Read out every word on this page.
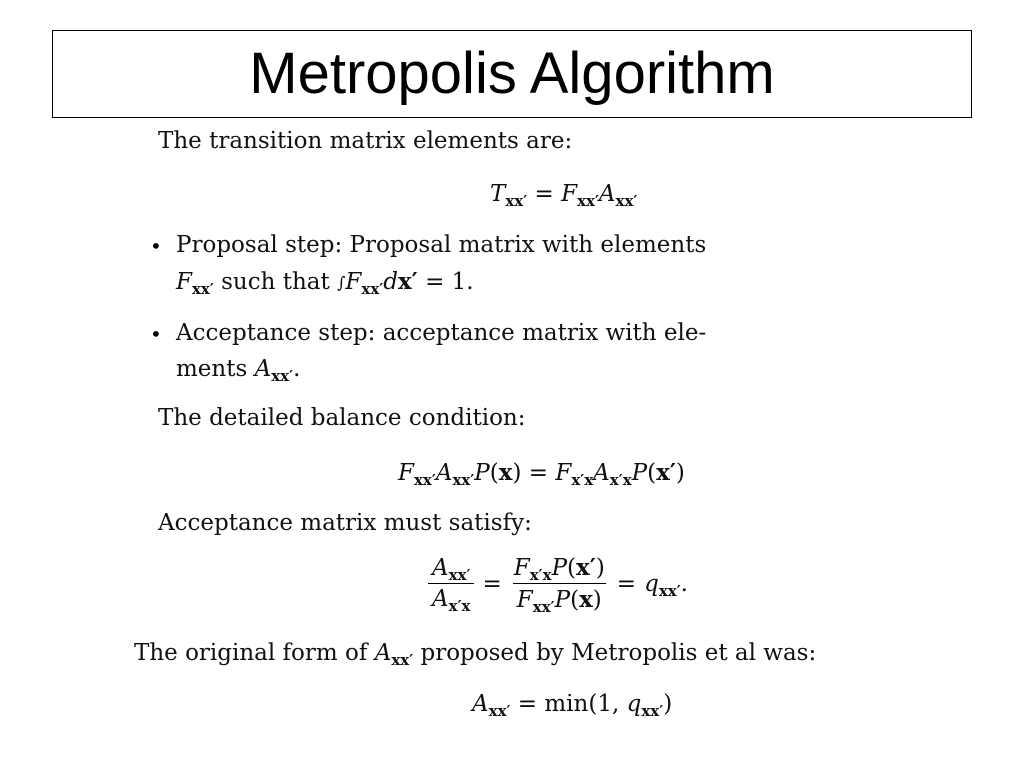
Metropolis Algorithm
The transition matrix elements are:
$T_{xx'} = F_{xx'}A_{xx'}$
• Proposal step: Proposal matrix with elements
$F_{xx'}$ such that $\int F_{xx'}dx' = 1$.
• Acceptance step: acceptance matrix with ele-
ments $A_{xx'}$.
The detailed balance condition:
$F_{xx'}A_{xx'}P(x) = F_{x'x}A_{x'x}P(x')$
Acceptance matrix must satisfy:
$\frac{A_{xx'}}{A_{x'x}} = \frac{F_{x'x}P(x')}{F_{xx'}P(x)} = q_{xx'}$.
The original form of $A_{xx'}$ proposed by Metropolis et al was:
$A_{xx'} = \min(1$, $q_{xx'}$)
